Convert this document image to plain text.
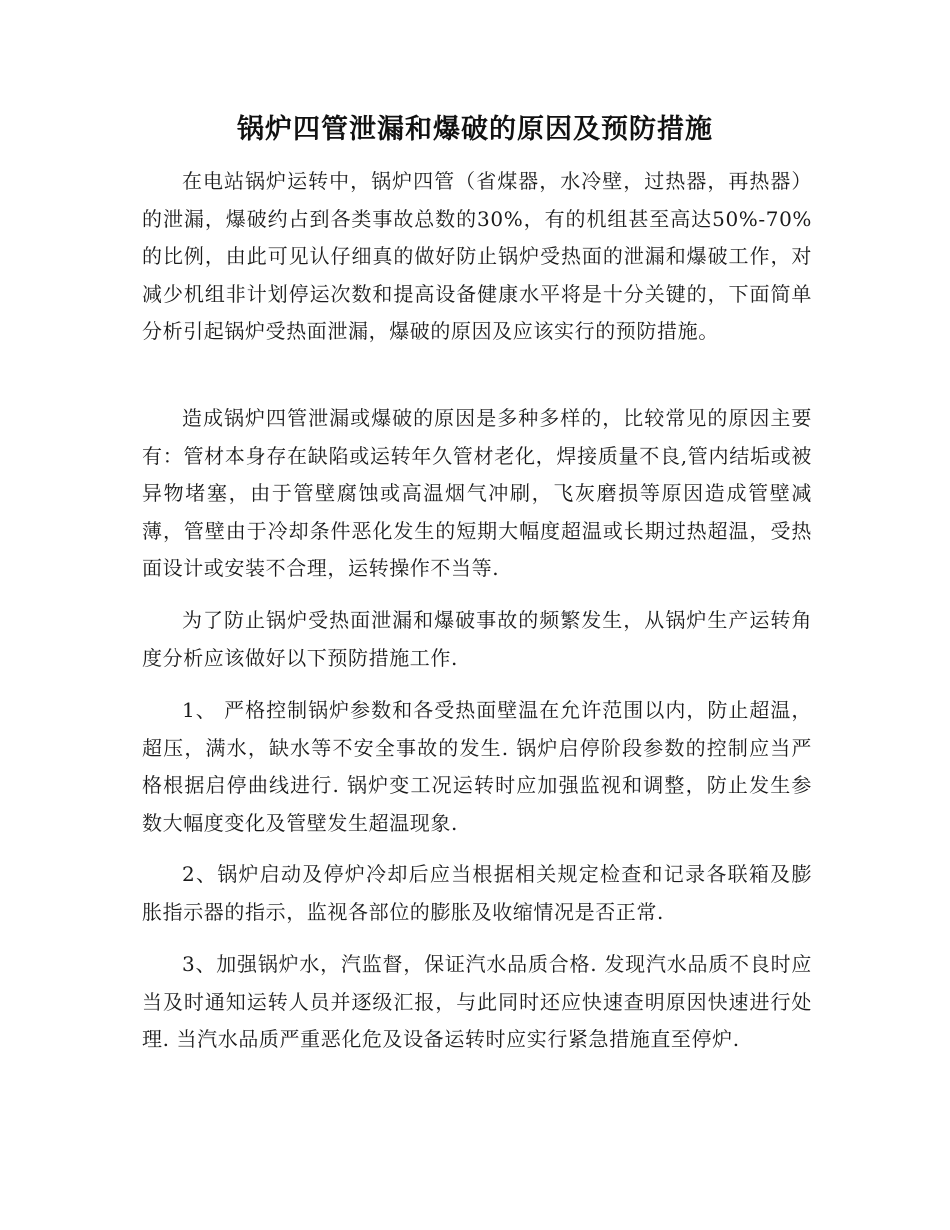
锅炉四管泄漏和爆破的原因及预防措施

在电站锅炉运转中，锅炉四管（省煤器，水冷壁，过热器，再热器）的泄漏，爆破约占到各类事故总数的30%，有的机组甚至高达50%-70%的比例，由此可见认仔细真的做好防止锅炉受热面的泄漏和爆破工作，对减少机组非计划停运次数和提高设备健康水平将是十分关键的，下面简单分析引起锅炉受热面泄漏，爆破的原因及应该实行的预防措施。

造成锅炉四管泄漏或爆破的原因是多种多样的，比较常见的原因主要有：管材本身存在缺陷或运转年久管材老化，焊接质量不良,管内结垢或被异物堵塞，由于管壁腐蚀或高温烟气冲刷，飞灰磨损等原因造成管壁减薄，管壁由于冷却条件恶化发生的短期大幅度超温或长期过热超温，受热面设计或安装不合理，运转操作不当等.

为了防止锅炉受热面泄漏和爆破事故的频繁发生，从锅炉生产运转角度分析应该做好以下预防措施工作.

1、 严格控制锅炉参数和各受热面壁温在允许范围以内，防止超温，超压，满水，缺水等不安全事故的发生. 锅炉启停阶段参数的控制应当严格根据启停曲线进行. 锅炉变工况运转时应加强监视和调整，防止发生参数大幅度变化及管壁发生超温现象.

2、锅炉启动及停炉冷却后应当根据相关规定检查和记录各联箱及膨胀指示器的指示，监视各部位的膨胀及收缩情况是否正常.

3、加强锅炉水，汽监督，保证汽水品质合格. 发现汽水品质不良时应当及时通知运转人员并逐级汇报，与此同时还应快速查明原因快速进行处理. 当汽水品质严重恶化危及设备运转时应实行紧急措施直至停炉.
